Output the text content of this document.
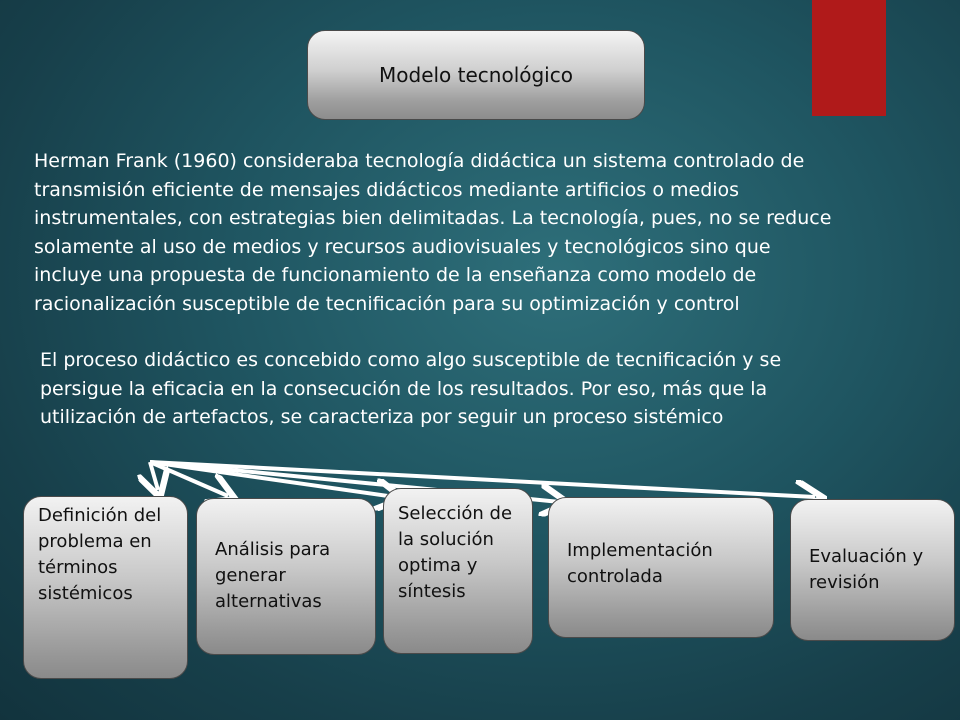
Modelo tecnológico

Herman Frank (1960) consideraba tecnología didáctica un sistema controlado de transmisión eficiente de mensajes didácticos mediante artificios o medios instrumentales, con estrategias bien delimitadas. La tecnología, pues, no se reduce solamente al uso de medios y recursos audiovisuales y tecnológicos sino que incluye una propuesta de funcionamiento de la enseñanza como modelo de racionalización susceptible de tecnificación para su optimización y control

El proceso didáctico es concebido como algo susceptible de tecnificación y se persigue la eficacia en la consecución de los resultados. Por eso, más que la utilización de artefactos, se caracteriza por seguir un proceso sistémico

Definición del problema en términos sistémicos
Análisis para generar alternativas
Selección de la solución optima y síntesis
Implementación controlada
Evaluación y revisión
